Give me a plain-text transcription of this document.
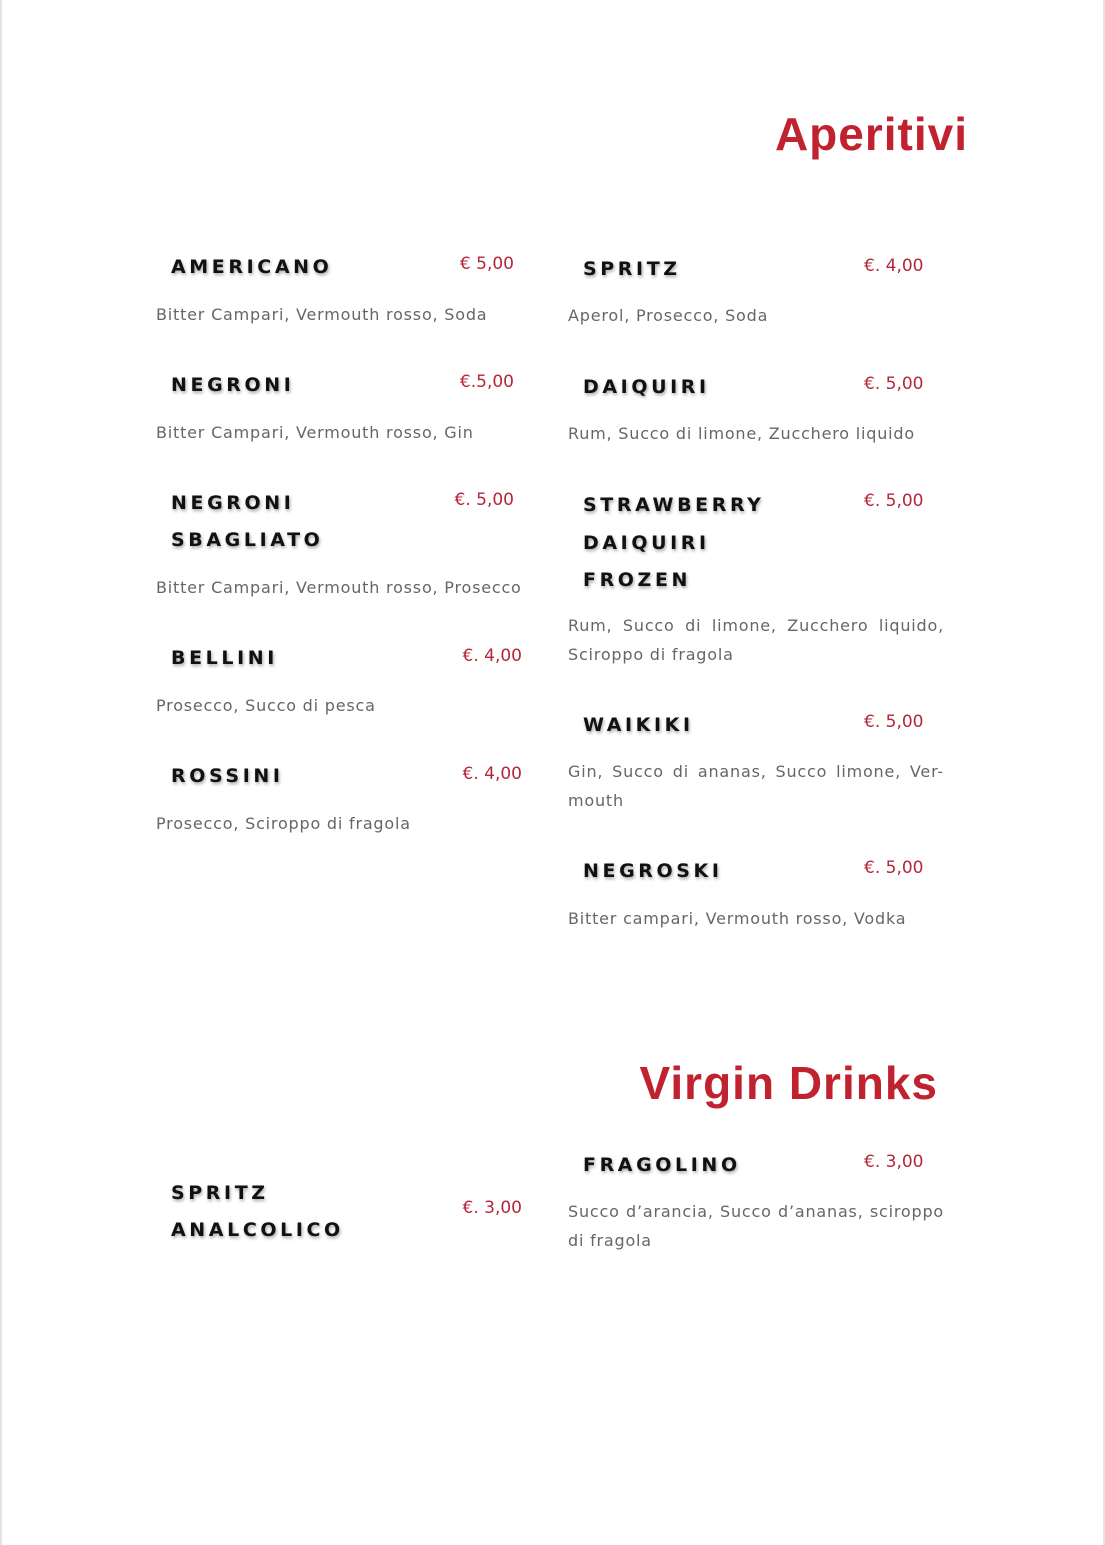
Aperitivi
AMERICANO	€ 5,00
Bitter Campari, Vermouth rosso, Soda
NEGRONI	€.5,00
Bitter Campari, Vermouth rosso, Gin
NEGRONI
SBAGLIATO
€. 5,00
Bitter Campari, Vermouth rosso, Prosecco
BELLINI	€. 4,00
Prosecco, Succo di pesca
ROSSINI	€. 4,00
Prosecco, Sciroppo di fragola
SPRITZ	€. 4,00
Aperol, Prosecco, Soda
DAIQUIRI	€. 5,00
Rum, Succo di limone, Zucchero liquido
STRAWBERRY
DAIQUIRI
FROZEN
€. 5,00
Rum, Succo di limone, Zucchero liquido, Sciroppo di fragola
WAIKIKI	€. 5,00
Gin, Succo di ananas, Succo limone, Ver-mouth
NEGROSKI	€. 5,00
Bitter campari, Vermouth rosso, Vodka
Virgin Drinks
SPRITZ
ANALCOLICO
€. 3,00
FRAGOLINO	€. 3,00
Succo d’arancia, Succo d’ananas, sciroppo di fragola
